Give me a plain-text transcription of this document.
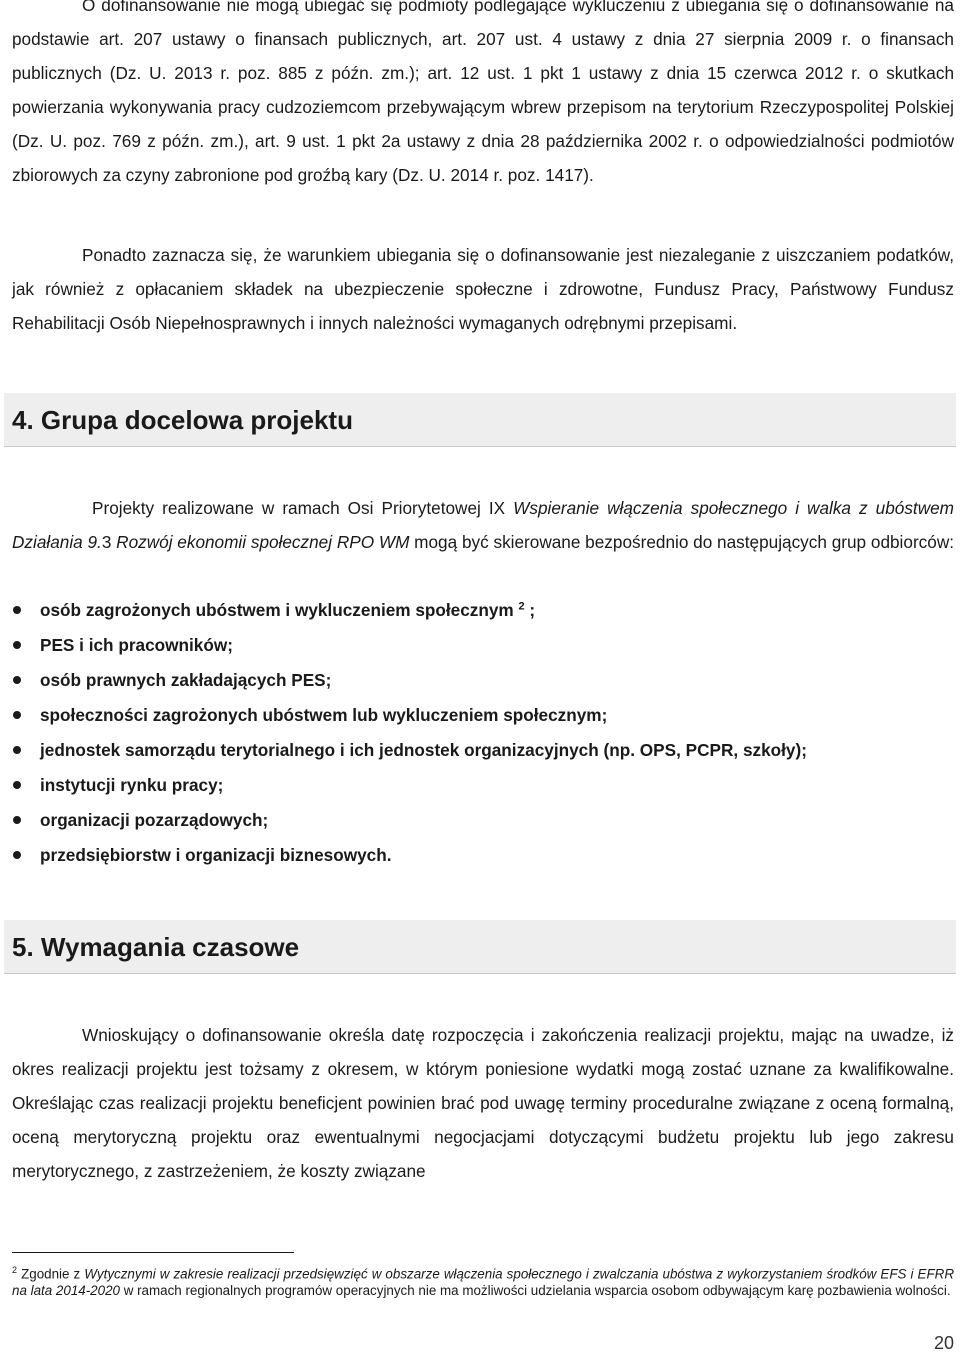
O dofinansowanie nie mogą ubiegać się podmioty podlegające wykluczeniu z ubiegania się o dofinansowanie na podstawie art. 207 ustawy o finansach publicznych, art. 207 ust. 4 ustawy z dnia 27 sierpnia 2009 r. o finansach publicznych (Dz. U. 2013 r. poz. 885 z późn. zm.); art. 12 ust. 1 pkt 1 ustawy z dnia 15 czerwca 2012 r. o skutkach powierzania wykonywania pracy cudzoziemcom przebywającym wbrew przepisom na terytorium Rzeczypospolitej Polskiej (Dz. U. poz. 769 z późn. zm.), art. 9 ust. 1 pkt 2a ustawy z dnia 28 października 2002 r. o odpowiedzialności podmiotów zbiorowych za czyny zabronione pod groźbą kary (Dz. U. 2014 r. poz. 1417).

Ponadto zaznacza się, że warunkiem ubiegania się o dofinansowanie jest niezaleganie z uiszczaniem podatków, jak również z opłacaniem składek na ubezpieczenie społeczne i zdrowotne, Fundusz Pracy, Państwowy Fundusz Rehabilitacji Osób Niepełnosprawnych i innych należności wymaganych odrębnymi przepisami.

4. Grupa docelowa projektu

Projekty realizowane w ramach Osi Priorytetowej IX Wspieranie włączenia społecznego i walka z ubóstwem Działania 9.3 Rozwój ekonomii społecznej RPO WM mogą być skierowane bezpośrednio do następujących grup odbiorców:

osób zagrożonych ubóstwem i wykluczeniem społecznym $^2$ ;
PES i ich pracowników;
osób prawnych zakładających PES;
społeczności zagrożonych ubóstwem lub wykluczeniem społecznym;
jednostek samorządu terytorialnego i ich jednostek organizacyjnych (np. OPS, PCPR, szkoły);
instytucji rynku pracy;
organizacji pozarządowych;
przedsiębiorstw i organizacji biznesowych.
5. Wymagania czasowe

Wnioskujący o dofinansowanie określa datę rozpoczęcia i zakończenia realizacji projektu, mając na uwadze, iż okres realizacji projektu jest tożsamy z okresem, w którym poniesione wydatki mogą zostać uznane za kwalifikowalne. Określając czas realizacji projektu beneficjent powinien brać pod uwagę terminy proceduralne związane z oceną formalną, oceną merytoryczną projektu oraz ewentualnymi negocjacjami dotyczącymi budżetu projektu lub jego zakresu merytorycznego, z zastrzeżeniem, że koszty związane

$^2$ Zgodnie z Wytycznymi w zakresie realizacji przedsięwzięć w obszarze włączenia społecznego i zwalczania ubóstwa z wykorzystaniem środków EFS i EFRR na lata 2014-2020 w ramach regionalnych programów operacyjnych nie ma możliwości udzielania wsparcia osobom odbywającym karę pozbawienia wolności.

20
